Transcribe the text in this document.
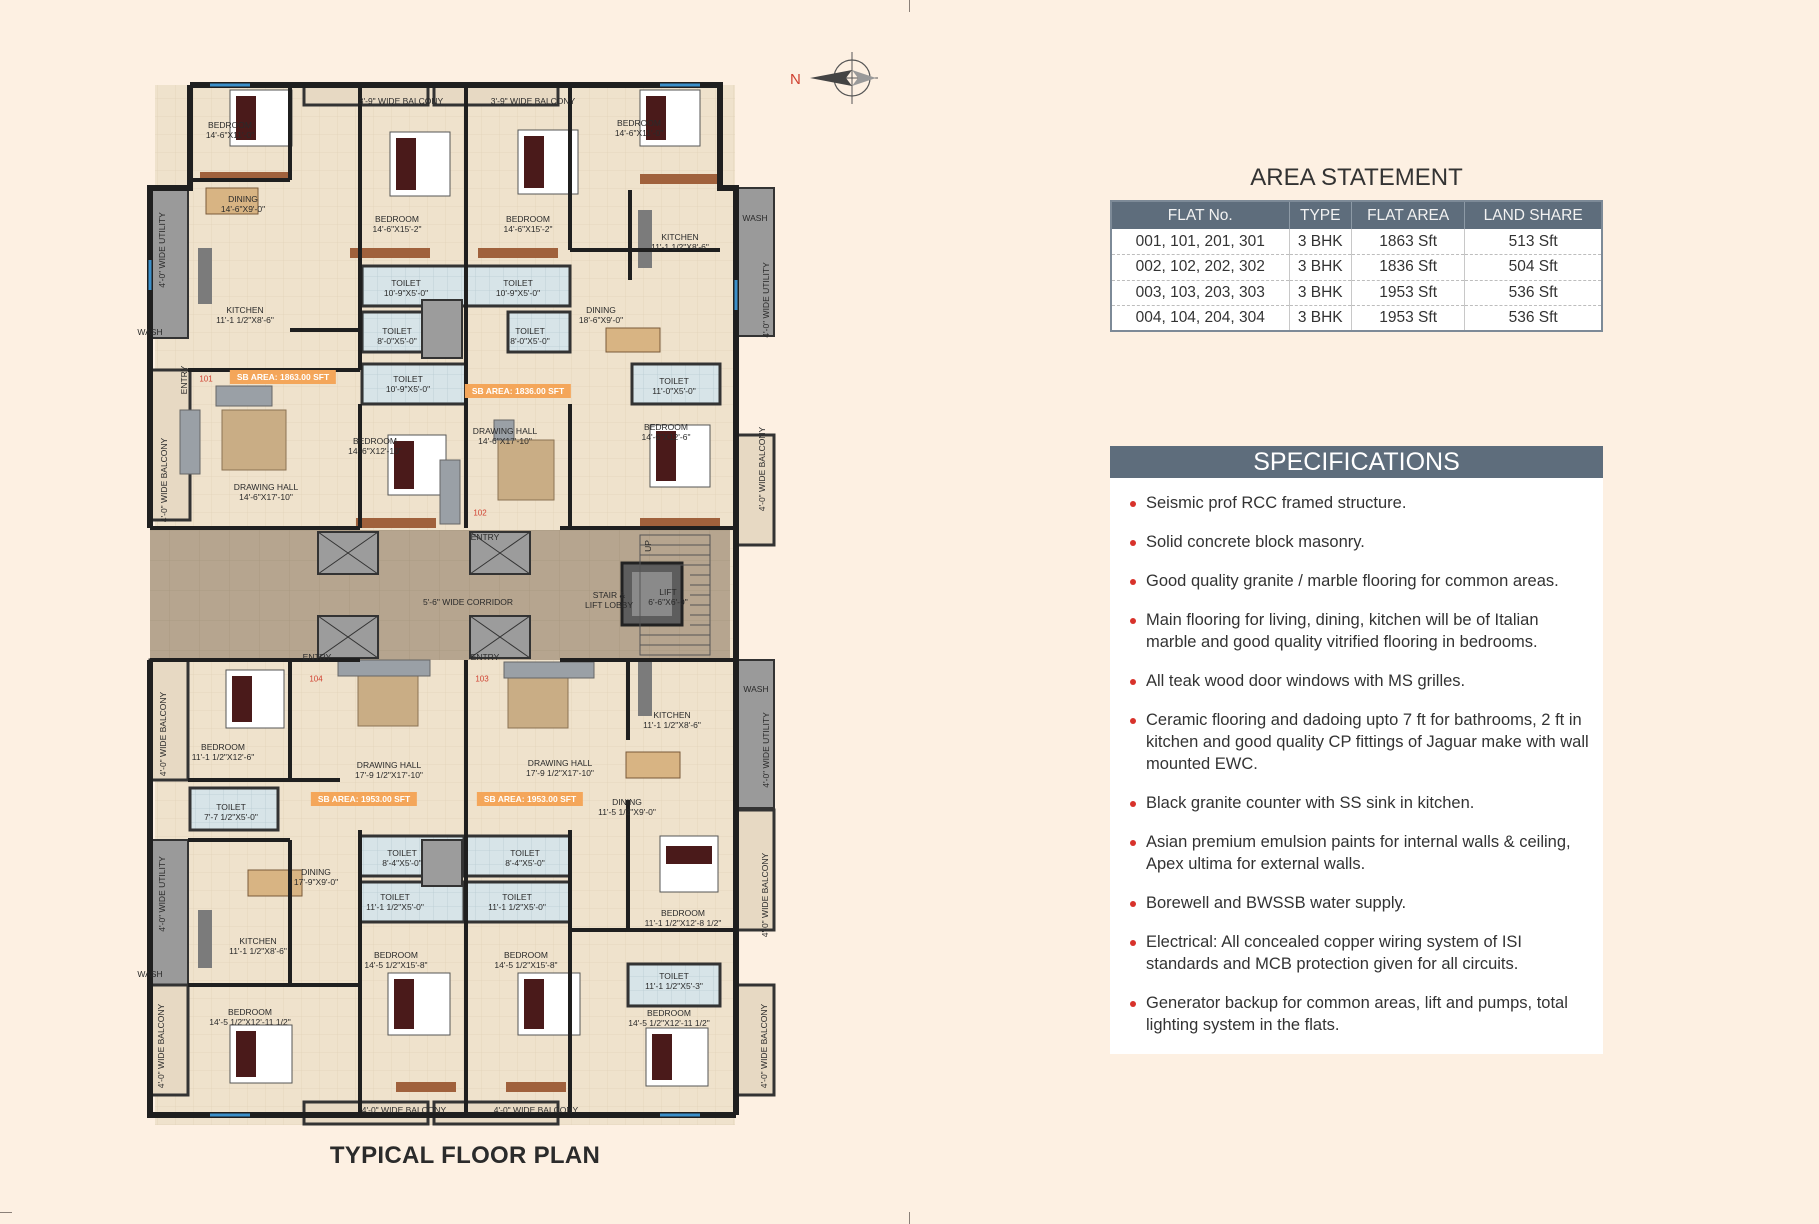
N
BEDROOM
14'-6"X11'-0"
3'-9" WIDE BALCONY	3'-9" WIDE BALCONY
BEDROOM
14'-6"X11'-0"
DINING
14'-6"X9'-0"
BEDROOM
14'-6"X15'-2"
BEDROOM
14'-6"X15'-2"
KITCHEN
11'-1 1/2"X8'-6"
4'-0" WIDE UTILITY	WASH
4'-0" WIDE UTILITY
TOILET
10'-9"X5'-0"
TOILET
10'-9"X5'-0"
KITCHEN
11'-1 1/2"X8'-6"
DINING
18'-6"X9'-0"
TOILET
8'-0"X5'-0"
TOILET
8'-0"X5'-0"
WASH
ENTRY	TOILET
10'-9"X5'-0"
TOILET
11'-0"X5'-0"
4'-0" WIDE BALCONY
DRAWING HALL
14'-6"X17'-10"
BEDROOM
14'-6"X12'-10"
BEDROOM
14'-6"X12'-6"
DRAWING HALL
14'-6"X17'-10"	4'-0" WIDE BALCONY
ENTRY
UP
STAIR &
LIFT LOBBY
LIFT
6'-6"X6'-0"
5'-6" WIDE CORRIDOR
ENTRY	ENTRY
WASH
4'-0" WIDE BALCONY	KITCHEN
11'-1 1/2"X8'-6"
BEDROOM
11'-1 1/2"X12'-6"
DRAWING HALL
17'-9 1/2"X17'-10"
DRAWING HALL
17'-9 1/2"X17'-10"	4'-0" WIDE UTILITY
TOILET
7'-7 1/2"X5'-0"
DINING
11'-5 1/2"X9'-0"
TOILET
8'-4"X5'-0"
TOILET
8'-4"X5'-0"
4'-0" WIDE UTILITY	DINING
17'-9"X9'-0"	4'-0" WIDE BALCONY
TOILET
11'-1 1/2"X5'-0"
TOILET
11'-1 1/2"X5'-0"
BEDROOM
11'-1 1/2"X12'-8 1/2"
KITCHEN
11'-1 1/2"X8'-6"
WASH
BEDROOM
14'-5 1/2"X15'-8"
BEDROOM
14'-5 1/2"X15'-8"
TOILET
11'-1 1/2"X5'-3"
BEDROOM
14'-5 1/2"X12'-11 1/2"
BEDROOM
14'-5 1/2"X12'-11 1/2"
4'-0" WIDE BALCONY	4'-0" WIDE BALCONY
4'-0" WIDE BALCONY	4'-0" WIDE BALCONY
SB AREA: 1863.00 SFT
SB AREA: 1836.00 SFT
SB AREA: 1953.00 SFT	SB AREA: 1953.00 SFT
101
102
104	103
TYPICAL FLOOR PLAN
AREA STATEMENT
FLAT No.	TYPE	FLAT AREA	LAND SHARE
001, 101, 201, 301	3 BHK	1863 Sft	513 Sft
002, 102, 202, 302	3 BHK	1836 Sft	504 Sft
003, 103, 203, 303	3 BHK	1953 Sft	536 Sft
004, 104, 204, 304	3 BHK	1953 Sft	536 Sft
SPECIFICATIONS
Seismic prof RCC framed structure.
Solid concrete block masonry.
Good quality granite / marble flooring for common areas.
Main flooring for living, dining, kitchen will be of Italian marble and good quality vitrified flooring in bedrooms.
All teak wood door windows with MS grilles.
Ceramic flooring and dadoing upto 7 ft for bathrooms, 2 ft in kitchen and good quality CP fittings of Jaguar make with wall mounted EWC.
Black granite counter with SS sink in kitchen.
Asian premium emulsion paints for internal walls & ceiling, Apex ultima for external walls.
Borewell and BWSSB water supply.
Electrical: All concealed copper wiring system of ISI standards and MCB protection given for all circuits.
Generator backup for common areas, lift and pumps, total lighting system in the flats.
